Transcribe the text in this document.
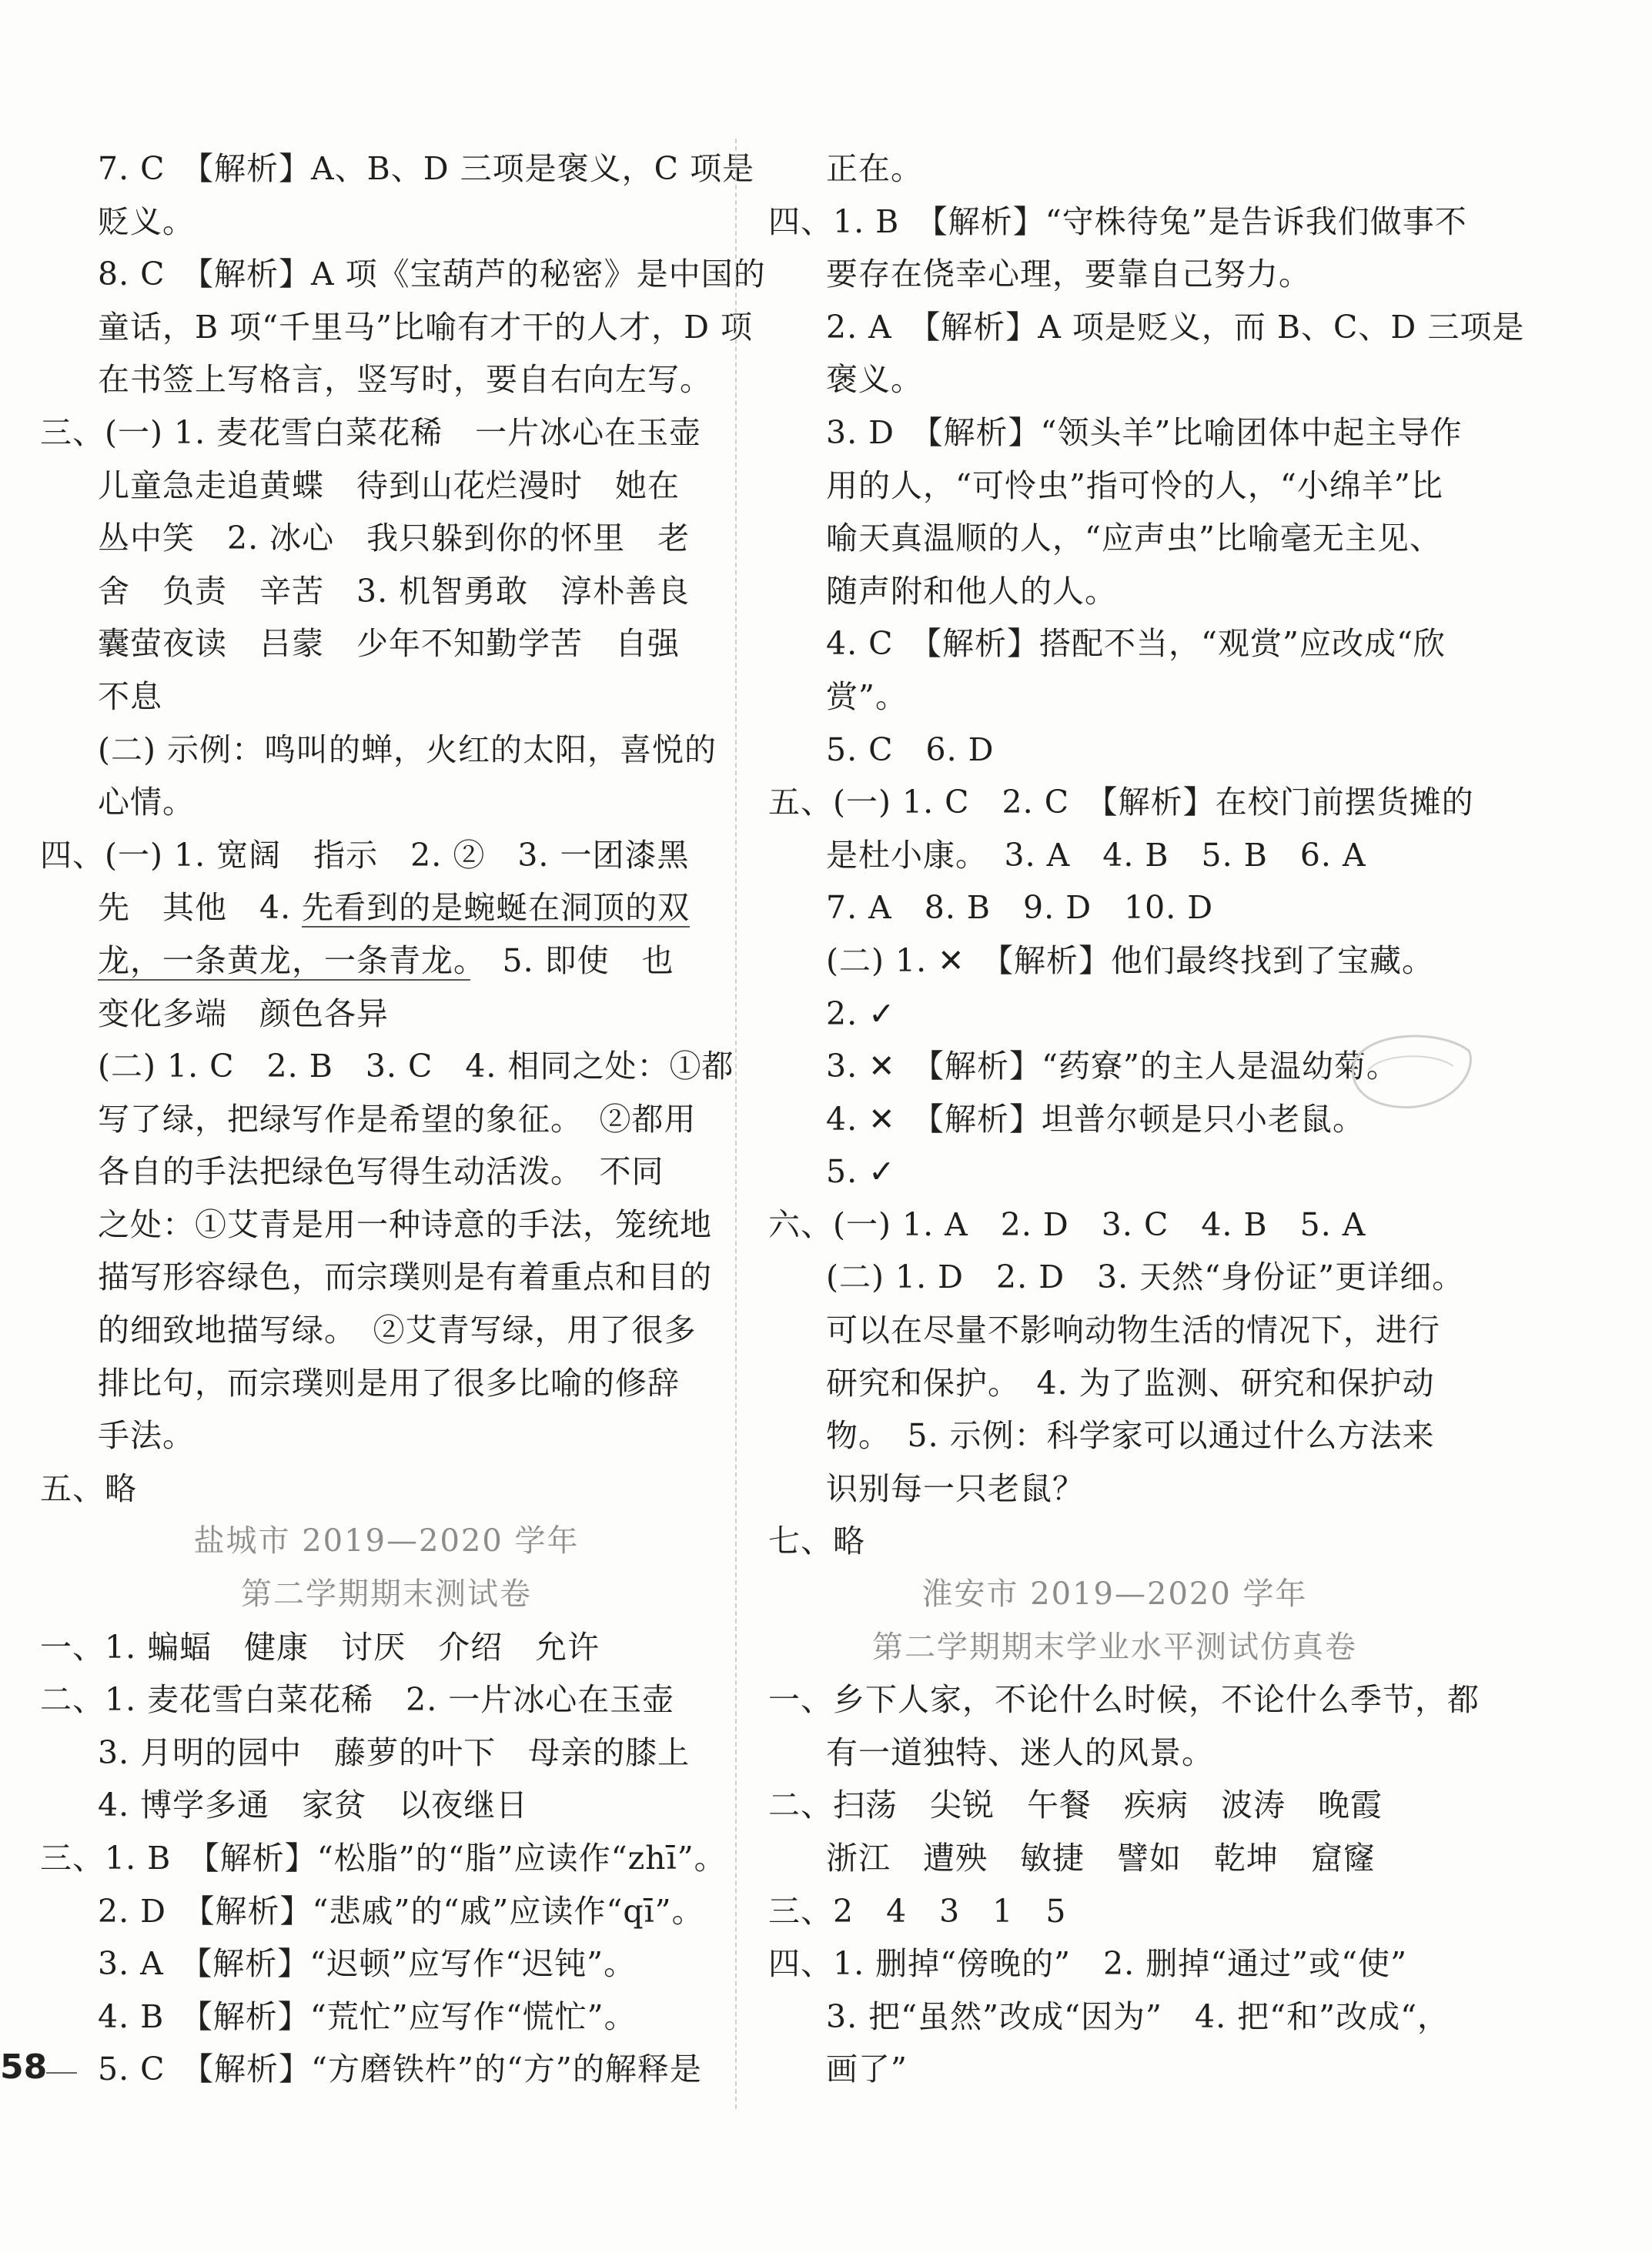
7. C　【解析】A、B、D 三项是褒义，C 项是
贬义。
8. C　【解析】A 项《宝葫芦的秘密》是中国的
童话，B 项“千里马”比喻有才干的人才，D 项
在书签上写格言，竖写时，要自右向左写。
三、(一) 1. 麦花雪白菜花稀　一片冰心在玉壶
儿童急走追黄蝶　待到山花烂漫时　她在
丛中笑　2. 冰心　我只躲到你的怀里　老
舍　负责　辛苦　3. 机智勇敢　淳朴善良
囊萤夜读　吕蒙　少年不知勤学苦　自强
不息
(二) 示例：鸣叫的蝉，火红的太阳，喜悦的
心情。
四、(一) 1. 宽阔　指示　2. ②　3. 一团漆黑
先　其他　4. 先看到的是蜿蜒在洞顶的双
龙，一条黄龙，一条青龙。　5. 即使　也
变化多端　颜色各异
(二) 1. C　2. B　3. C　4. 相同之处：①都
写了绿，把绿写作是希望的象征。　②都用
各自的手法把绿色写得生动活泼。　不同
之处：①艾青是用一种诗意的手法，笼统地
描写形容绿色，而宗璞则是有着重点和目的
的细致地描写绿。　②艾青写绿，用了很多
排比句，而宗璞则是用了很多比喻的修辞
手法。
五、略
盐城市 2019—2020 学年
第二学期期末测试卷
一、1. 蝙蝠　健康　讨厌　介绍　允许
二、1. 麦花雪白菜花稀　2. 一片冰心在玉壶
3. 月明的园中　藤萝的叶下　母亲的膝上
4. 博学多通　家贫　以夜继日
三、1. B　【解析】“松脂”的“脂”应读作“zhī”。
2. D　【解析】“悲戚”的“戚”应读作“qī”。
3. A　【解析】“迟顿”应写作“迟钝”。
4. B　【解析】“荒忙”应写作“慌忙”。
5. C　【解析】“方磨铁杵”的“方”的解释是
正在。
四、1. B　【解析】“守株待兔”是告诉我们做事不
要存在侥幸心理，要靠自己努力。
2. A　【解析】A 项是贬义，而 B、C、D 三项是
褒义。
3. D　【解析】“领头羊”比喻团体中起主导作
用的人，“可怜虫”指可怜的人，“小绵羊”比
喻天真温顺的人，“应声虫”比喻毫无主见、
随声附和他人的人。
4. C　【解析】搭配不当，“观赏”应改成“欣
赏”。
5. C　6. D
五、(一) 1. C　2. C　【解析】在校门前摆货摊的
是杜小康。　3. A　4. B　5. B　6. A
7. A　8. B　9. D　10. D
(二) 1. ✕　【解析】他们最终找到了宝藏。
2. ✓
3. ✕　【解析】“药寮”的主人是温幼菊。
4. ✕　【解析】坦普尔顿是只小老鼠。
5. ✓
六、(一) 1. A　2. D　3. C　4. B　5. A
(二) 1. D　2. D　3. 天然“身份证”更详细。
可以在尽量不影响动物生活的情况下，进行
研究和保护。　4. 为了监测、研究和保护动
物。　5. 示例：科学家可以通过什么方法来
识别每一只老鼠？
七、略
淮安市 2019—2020 学年
第二学期期末学业水平测试仿真卷
一、乡下人家，不论什么时候，不论什么季节，都
有一道独特、迷人的风景。
二、扫荡　尖锐　午餐　疾病　波涛　晚霞
浙江　遭殃　敏捷　譬如　乾坤　窟窿
三、2　4　3　1　5
四、1. 删掉“傍晚的”　2. 删掉“通过”或“使”
3. 把“虽然”改成“因为”　4. 把“和”改成“，
画了”
58
